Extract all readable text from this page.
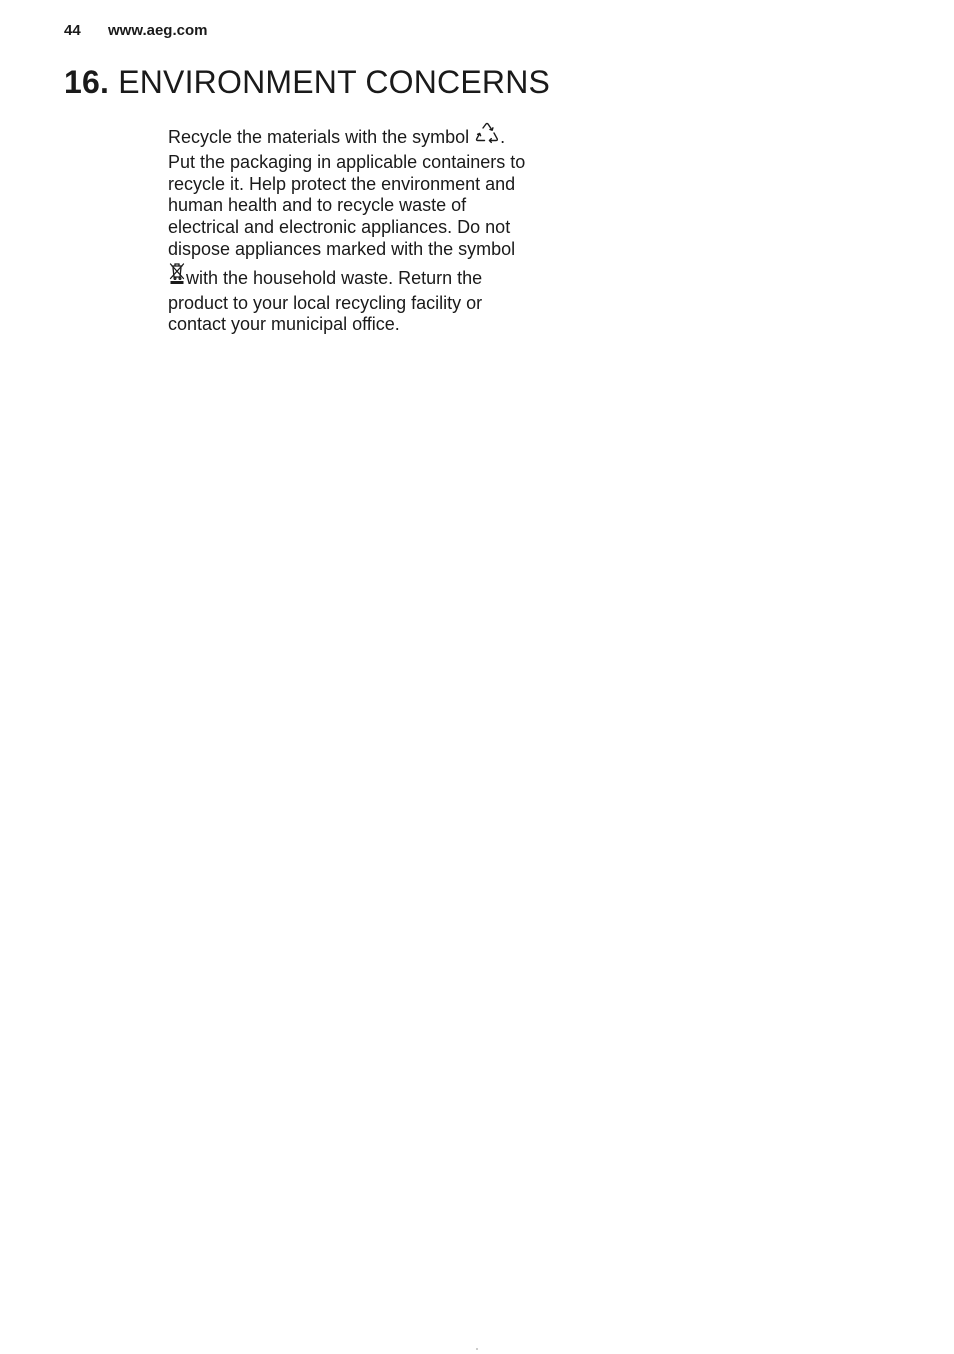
44 www.aeg.com
16. ENVIRONMENT CONCERNS

Recycle the materials with the symbol . Put the packaging in applicable containers to recycle it. Help protect the environment and human health and to recycle waste of electrical and electronic appliances. Do not dispose appliances marked with the symbol with the household waste. Return the product to your local recycling facility or contact your municipal office.
